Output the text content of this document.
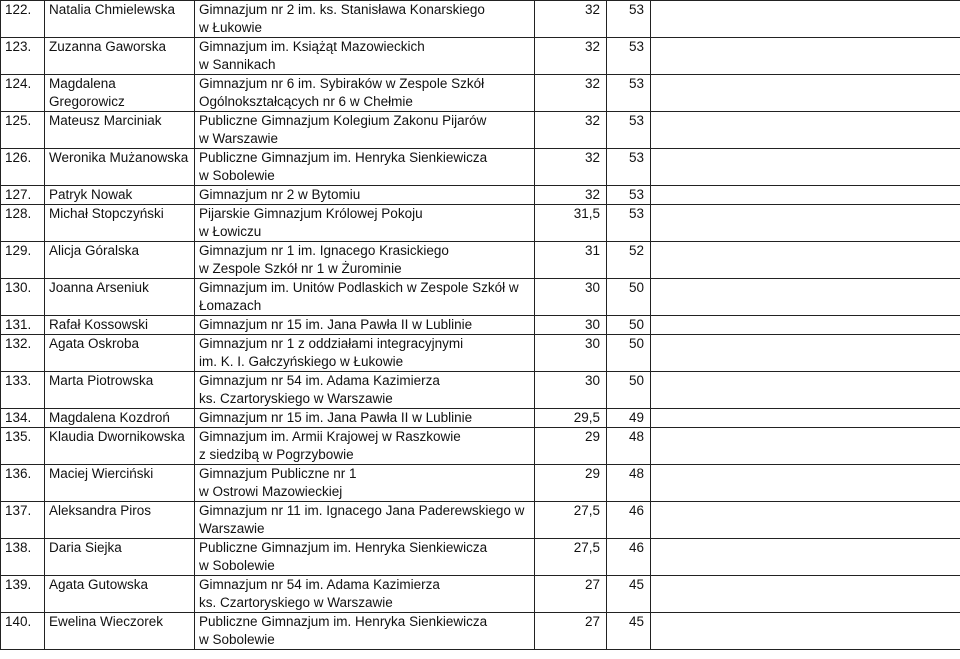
122.	Natalia Chmielewska	Gimnazjum nr 2 im. ks. Stanisława Konarskiego
w Łukowie	32	53	
123.	Zuzanna Gaworska	Gimnazjum im. Książąt Mazowieckich
w Sannikach	32	53	
124.	Magdalena Gregorowicz	Gimnazjum nr 6 im. Sybiraków w Zespole Szkół
Ogólnokształcących nr 6 w Chełmie	32	53	
125.	Mateusz Marciniak	Publiczne Gimnazjum Kolegium Zakonu Pijarów
w Warszawie	32	53	
126.	Weronika Mużanowska	Publiczne Gimnazjum im. Henryka Sienkiewicza
w Sobolewie	32	53	
127.	Patryk Nowak	Gimnazjum nr 2 w Bytomiu	32	53	
128.	Michał Stopczyński	Pijarskie Gimnazjum Królowej Pokoju
w Łowiczu	31,5	53	
129.	Alicja Góralska	Gimnazjum nr 1 im. Ignacego Krasickiego
w Zespole Szkół nr 1 w Żurominie	31	52	
130.	Joanna Arseniuk	Gimnazjum im. Unitów Podlaskich w Zespole Szkół w
Łomazach	30	50	
131.	Rafał Kossowski	Gimnazjum nr 15 im. Jana Pawła II w Lublinie	30	50	
132.	Agata Oskroba	Gimnazjum nr 1 z oddziałami integracyjnymi
im. K. I. Gałczyńskiego w Łukowie	30	50	
133.	Marta Piotrowska	Gimnazjum nr 54 im. Adama Kazimierza
ks. Czartoryskiego w Warszawie	30	50	
134.	Magdalena Kozdroń	Gimnazjum nr 15 im. Jana Pawła II w Lublinie	29,5	49	
135.	Klaudia Dwornikowska	Gimnazjum im. Armii Krajowej w Raszkowie
z siedzibą w Pogrzybowie	29	48	
136.	Maciej Wierciński	Gimnazjum Publiczne nr 1
w Ostrowi Mazowieckiej	29	48	
137.	Aleksandra Piros	Gimnazjum nr 11 im. Ignacego Jana Paderewskiego w
Warszawie	27,5	46	
138.	Daria Siejka	Publiczne Gimnazjum im. Henryka Sienkiewicza
w Sobolewie	27,5	46	
139.	Agata Gutowska	Gimnazjum nr 54 im. Adama Kazimierza
ks. Czartoryskiego w Warszawie	27	45	
140.	Ewelina Wieczorek	Publiczne Gimnazjum im. Henryka Sienkiewicza
w Sobolewie	27	45	
